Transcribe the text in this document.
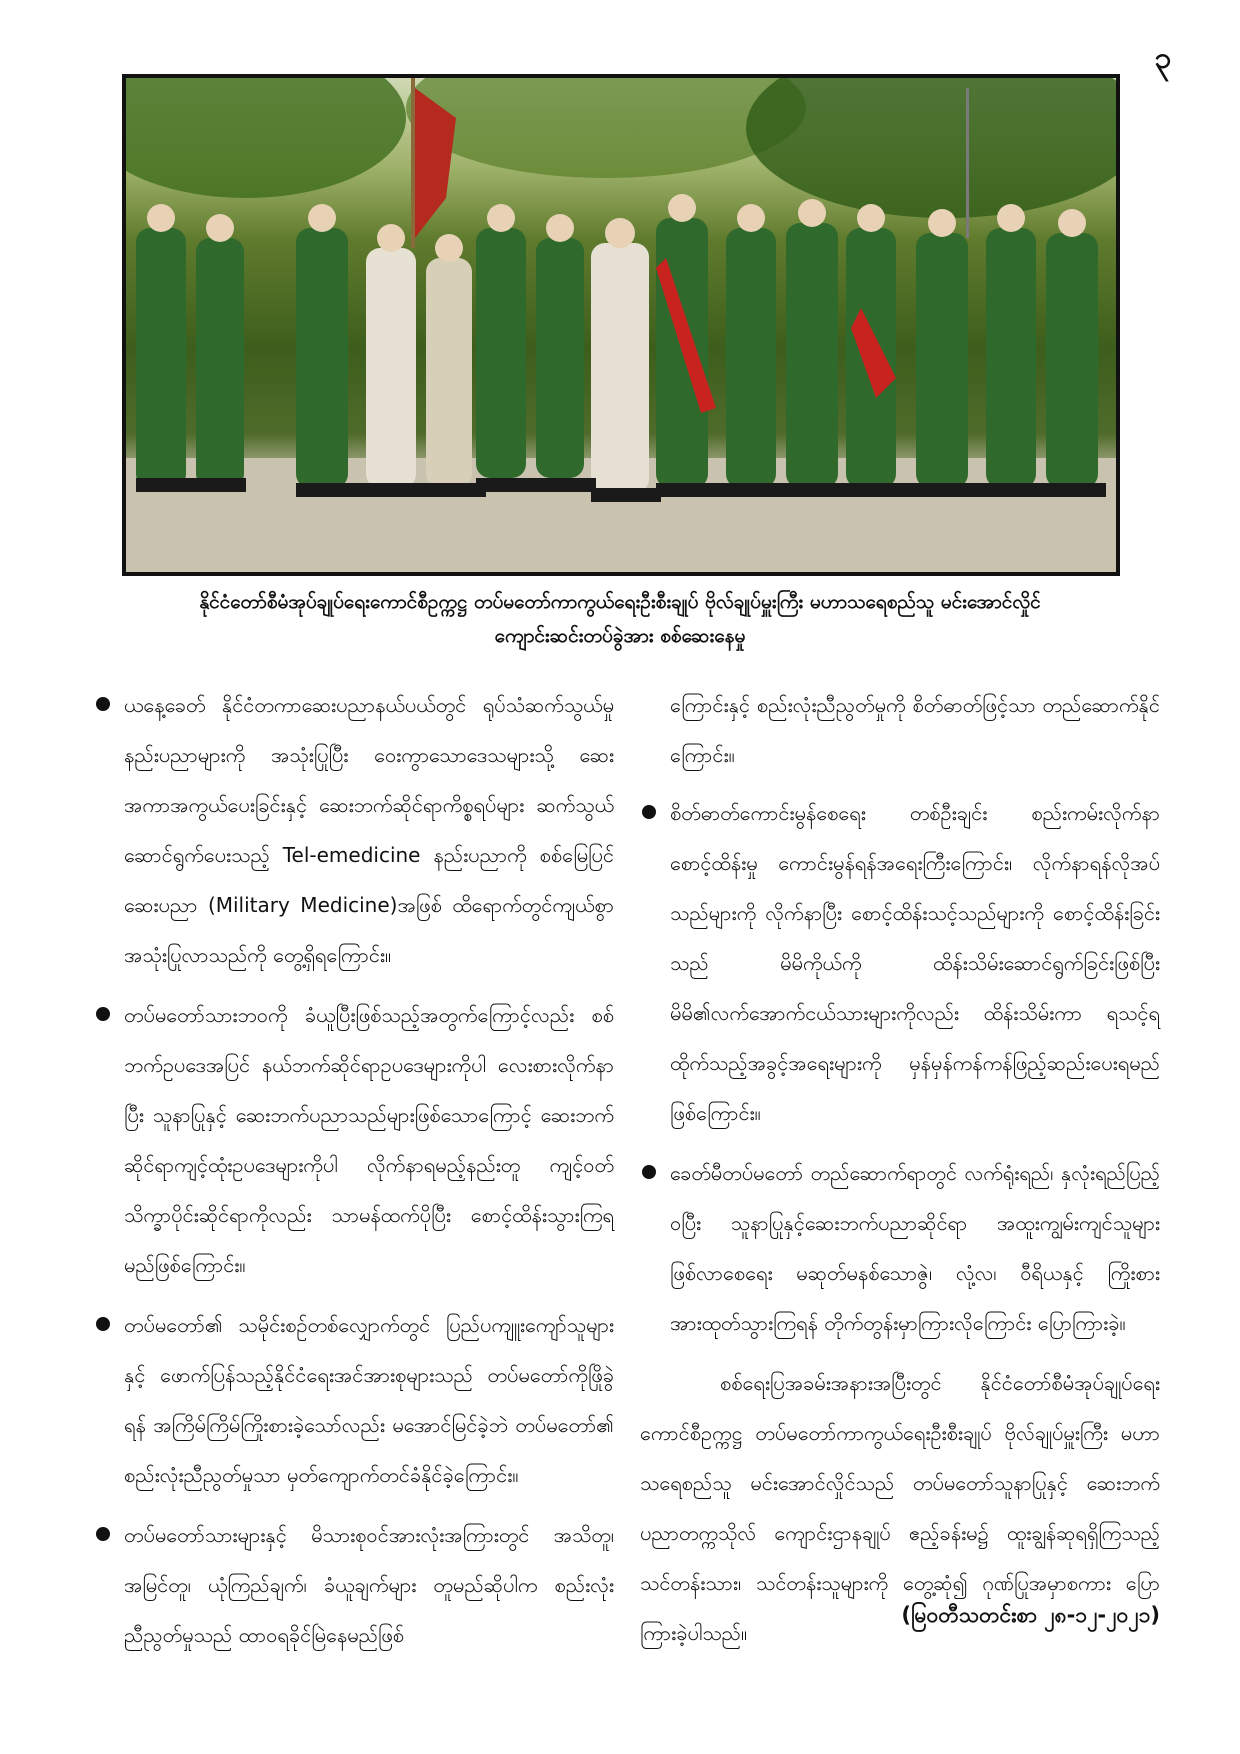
၃
နိုင်ငံတော်စီမံအုပ်ချုပ်ရေးကောင်စီဥက္ကဋ္ဌ တပ်မတော်ကာကွယ်ရေးဦးစီးချုပ် ဗိုလ်ချုပ်မှူးကြီး မဟာသရေစည်သူ မင်းအောင်လှိုင်
ကျောင်းဆင်းတပ်ခွဲအား စစ်ဆေးနေမှု
ယနေ့ခေတ် နိုင်ငံတကာဆေးပညာနယ်ပယ်တွင် ရုပ်သံဆက်သွယ်မှုနည်းပညာများကို အသုံးပြုပြီး ဝေးကွာသောဒေသများသို့ ဆေးအကာအကွယ်ပေးခြင်းနှင့် ဆေးဘက်ဆိုင်ရာကိစ္စရပ်များ ဆက်သွယ်ဆောင်ရွက်ပေးသည့် Tel-emedicine နည်းပညာကို စစ်မြေပြင်ဆေးပညာ (Military Medicine)အဖြစ် ထိရောက်တွင်ကျယ်စွာ အသုံးပြုလာသည်ကို တွေ့ရှိရကြောင်း။
တပ်မတော်သားဘဝကို ခံယူပြီးဖြစ်သည့်အတွက်ကြောင့်လည်း စစ်ဘက်ဥပဒေအပြင် နယ်ဘက်ဆိုင်ရာဥပဒေများကိုပါ လေးစားလိုက်နာပြီး သူနာပြုနှင့် ဆေးဘက်ပညာသည်များဖြစ်သောကြောင့် ဆေးဘက်ဆိုင်ရာကျင့်ထုံးဥပဒေများကိုပါ လိုက်နာရမည့်နည်းတူ ကျင့်ဝတ်သိက္ခာပိုင်းဆိုင်ရာကိုလည်း သာမန်ထက်ပိုပြီး စောင့်ထိန်းသွားကြရမည်ဖြစ်ကြောင်း။
တပ်မတော်၏ သမိုင်းစဉ်တစ်လျှောက်တွင် ပြည်ပကျူးကျော်သူများနှင့် ဖောက်ပြန်သည့်နိုင်ငံရေးအင်အားစုများသည် တပ်မတော်ကိုဖြိုခွဲရန် အကြိမ်ကြိမ်ကြိုးစားခဲ့သော်လည်း မအောင်မြင်ခဲ့ဘဲ တပ်မတော်၏ စည်းလုံးညီညွတ်မှုသာ မှတ်ကျောက်တင်ခံနိုင်ခဲ့ကြောင်း။
တပ်မတော်သားများနှင့် မိသားစုဝင်အားလုံးအကြားတွင် အသိတူ၊ အမြင်တူ၊ ယုံကြည်ချက်၊ ခံယူချက်များ တူမည်ဆိုပါက စည်းလုံးညီညွတ်မှုသည် ထာဝရခိုင်မြဲနေမည်ဖြစ်
ကြောင်းနှင့် စည်းလုံးညီညွတ်မှုကို စိတ်ဓာတ်ဖြင့်သာ တည်ဆောက်နိုင်ကြောင်း။
စိတ်ဓာတ်ကောင်းမွန်စေရေး တစ်ဦးချင်း စည်းကမ်းလိုက်နာစောင့်ထိန်းမှု ကောင်းမွန်ရန်အရေးကြီးကြောင်း၊ လိုက်နာရန်လိုအပ်သည်များကို လိုက်နာပြီး စောင့်ထိန်းသင့်သည်များကို စောင့်ထိန်းခြင်းသည် မိမိကိုယ်ကို ထိန်းသိမ်းဆောင်ရွက်ခြင်းဖြစ်ပြီး မိမိ၏လက်အောက်ငယ်သားများကိုလည်း ထိန်းသိမ်းကာ ရသင့်ရထိုက်သည့်အခွင့်အရေးများကို မှန်မှန်ကန်ကန်ဖြည့်ဆည်းပေးရမည်ဖြစ်ကြောင်း။
ခေတ်မီတပ်မတော် တည်ဆောက်ရာတွင် လက်ရုံးရည်၊ နှလုံးရည်ပြည့်ဝပြီး သူနာပြုနှင့်ဆေးဘက်ပညာဆိုင်ရာ အထူးကျွမ်းကျင်သူများဖြစ်လာစေရေး မဆုတ်မနစ်သောဇွဲ၊ လုံ့လ၊ ဝီရိယနှင့် ကြိုးစားအားထုတ်သွားကြရန် တိုက်တွန်းမှာကြားလိုကြောင်း ပြောကြားခဲ့။

စစ်ရေးပြအခမ်းအနားအပြီးတွင် နိုင်ငံတော်စီမံအုပ်ချုပ်ရေးကောင်စီဥက္ကဋ္ဌ တပ်မတော်ကာကွယ်ရေးဦးစီးချုပ် ဗိုလ်ချုပ်မှူးကြီး မဟာသရေစည်သူ မင်းအောင်လှိုင်သည် တပ်မတော်သူနာပြုနှင့် ဆေးဘက်ပညာတက္ကသိုလ် ကျောင်းဌာနချုပ် ဧည့်ခန်းမ၌ ထူးချွန်ဆုရရှိကြသည့် သင်တန်းသား၊ သင်တန်းသူများကို တွေ့ဆုံ၍ ဂုဏ်ပြုအမှာစကား ပြောကြားခဲ့ပါသည်။

(မြဝတီသတင်းစာ ၂၈-၁၂-၂၀၂၁)
